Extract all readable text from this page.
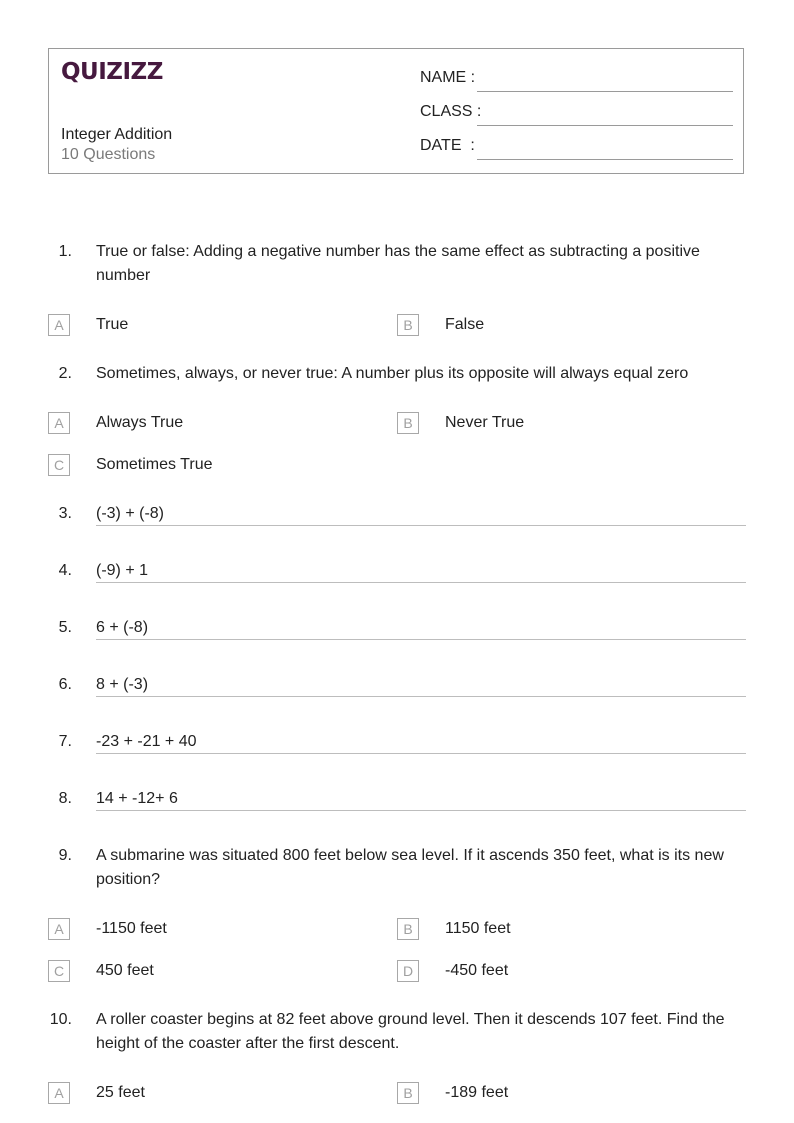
QUIZIZZ
Integer Addition
10 Questions
NAME :
CLASS :
DATE  :
1. True or false: Adding a negative number has the same effect as subtracting a positive
number
A	True	B	False
2. Sometimes, always, or never true: A number plus its opposite will always equal zero
A	Always True	B	Never True
C	Sometimes True
3. (-3) + (-8)
4. (-9) + 1
5. 6 + (-8)
6. 8 + (-3)
7. -23 + -21 + 40
8. 14 + -12+ 6
9. A submarine was situated 800 feet below sea level. If it ascends 350 feet, what is its new
position?
A	-1150 feet	B	1150 feet
C	450 feet	D	-450 feet
10. A roller coaster begins at 82 feet above ground level. Then it descends 107 feet. Find the
height of the coaster after the first descent.
A	25 feet	B	-189 feet
